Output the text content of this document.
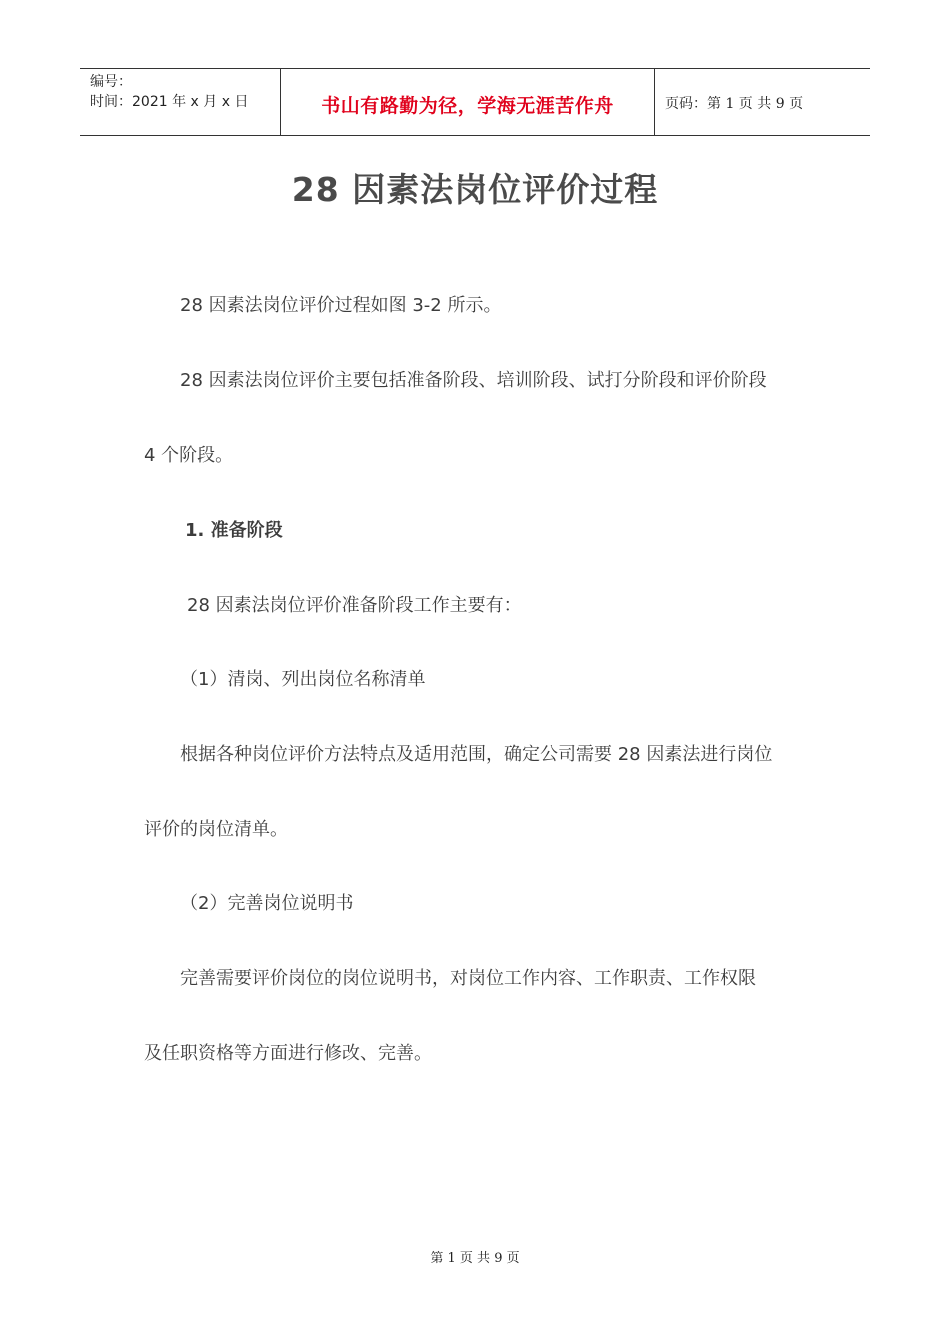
编号：
时间：2021 年 x 月 x 日	书山有路勤为径，学海无涯苦作舟	页码：第 1 页 共 9 页
28 因素法岗位评价过程
28 因素法岗位评价过程如图 3-2 所示。
28 因素法岗位评价主要包括准备阶段、培训阶段、试打分阶段和评价阶段
4 个阶段。
1. 准备阶段
28 因素法岗位评价准备阶段工作主要有：
（1）清岗、列出岗位名称清单
根据各种岗位评价方法特点及适用范围，确定公司需要 28 因素法进行岗位
评价的岗位清单。
（2）完善岗位说明书
完善需要评价岗位的岗位说明书，对岗位工作内容、工作职责、工作权限
及任职资格等方面进行修改、完善。
第 1 页 共 9 页
